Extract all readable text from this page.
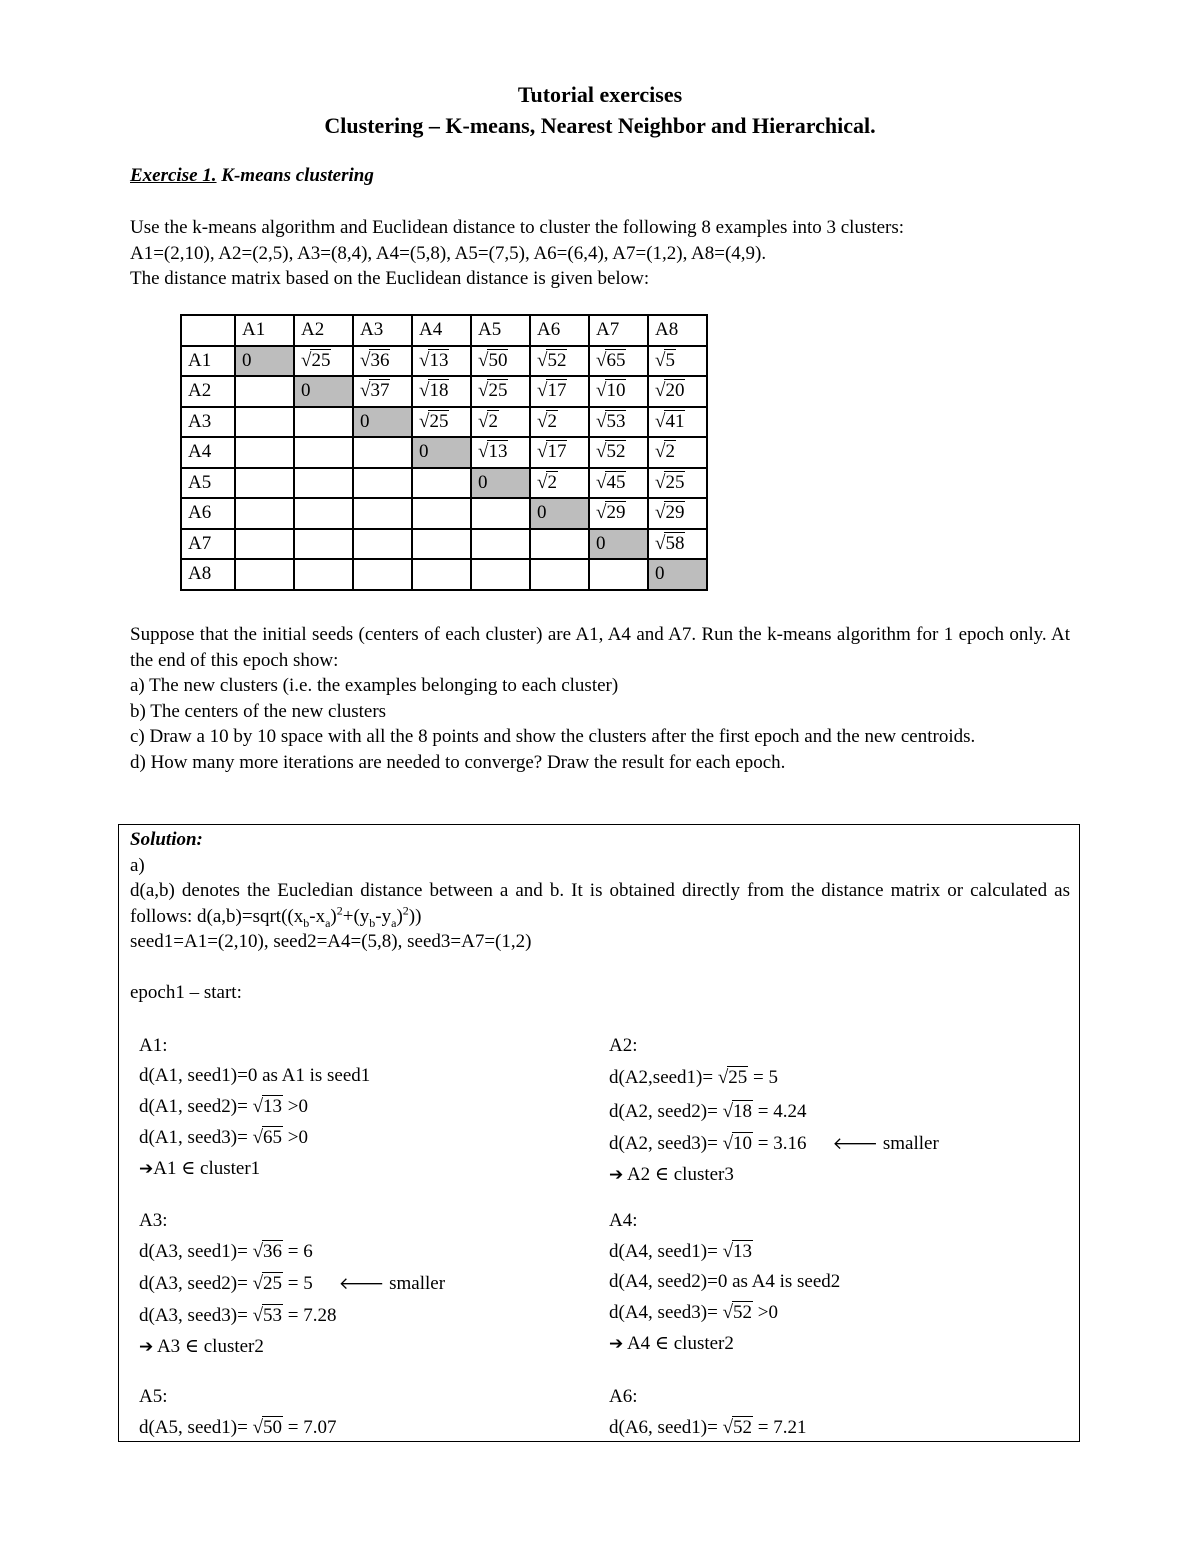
Tutorial exercises
Clustering – K-means, Nearest Neighbor and Hierarchical.
Exercise 1. K-means clustering
Use the k-means algorithm and Euclidean distance to cluster the following 8 examples into 3 clusters:
A1=(2,10), A2=(2,5), A3=(8,4), A4=(5,8), A5=(7,5), A6=(6,4), A7=(1,2), A8=(4,9).
The distance matrix based on the Euclidean distance is given below:
	A1	A2	A3	A4	A5	A6	A7	A8
A1	0	√25	√36	√13	√50	√52	√65	√5
A2		0	√37	√18	√25	√17	√10	√20
A3			0	√25	√2	√2	√53	√41
A4				0	√13	√17	√52	√2
A5					0	√2	√45	√25
A6						0	√29	√29
A7							0	√58
A8								0

Suppose that the initial seeds (centers of each cluster) are A1, A4 and A7. Run the k-means algorithm for 1 epoch only. At the end of this epoch show:

a) The new clusters (i.e. the examples belonging to each cluster)

b) The centers of the new clusters

c) Draw a 10 by 10 space with all the 8 points and show the clusters after the first epoch and the new centroids.

d) How many more iterations are needed to converge? Draw the result for each epoch.

Solution:

a)

d(a,b) denotes the Eucledian distance between a and b. It is obtained directly from the distance matrix or calculated as follows: $d(a,b)=sqrt((x_b-x_a)^2+(y_b-y_a)^2)$)

seed1=A1=(2,10), seed2=A4=(5,8), seed3=A7=(1,2)

epoch1 – start:

A1:
d(A1, seed1)=0 as A1 is seed1
d(A1, seed2)= √13 >0
d(A1, seed3)= √65 >0
➔A1 ∈ cluster1
A2:
d(A2,seed1)= √25 = 5
d(A2, seed2)= √18 = 4.24
d(A2, seed3)= √10 = 3.16 🡐 smaller
➔ A2 ∈ cluster3
A3:
d(A3, seed1)= √36 = 6
d(A3, seed2)= √25 = 5 🡐 smaller
d(A3, seed3)= √53 = 7.28
➔ A3 ∈ cluster2
A4:
d(A4, seed1)= √13
d(A4, seed2)=0 as A4 is seed2
d(A4, seed3)= √52 >0
➔ A4 ∈ cluster2
A5:
d(A5, seed1)= √50 = 7.07
A6:
d(A6, seed1)= √52 = 7.21
